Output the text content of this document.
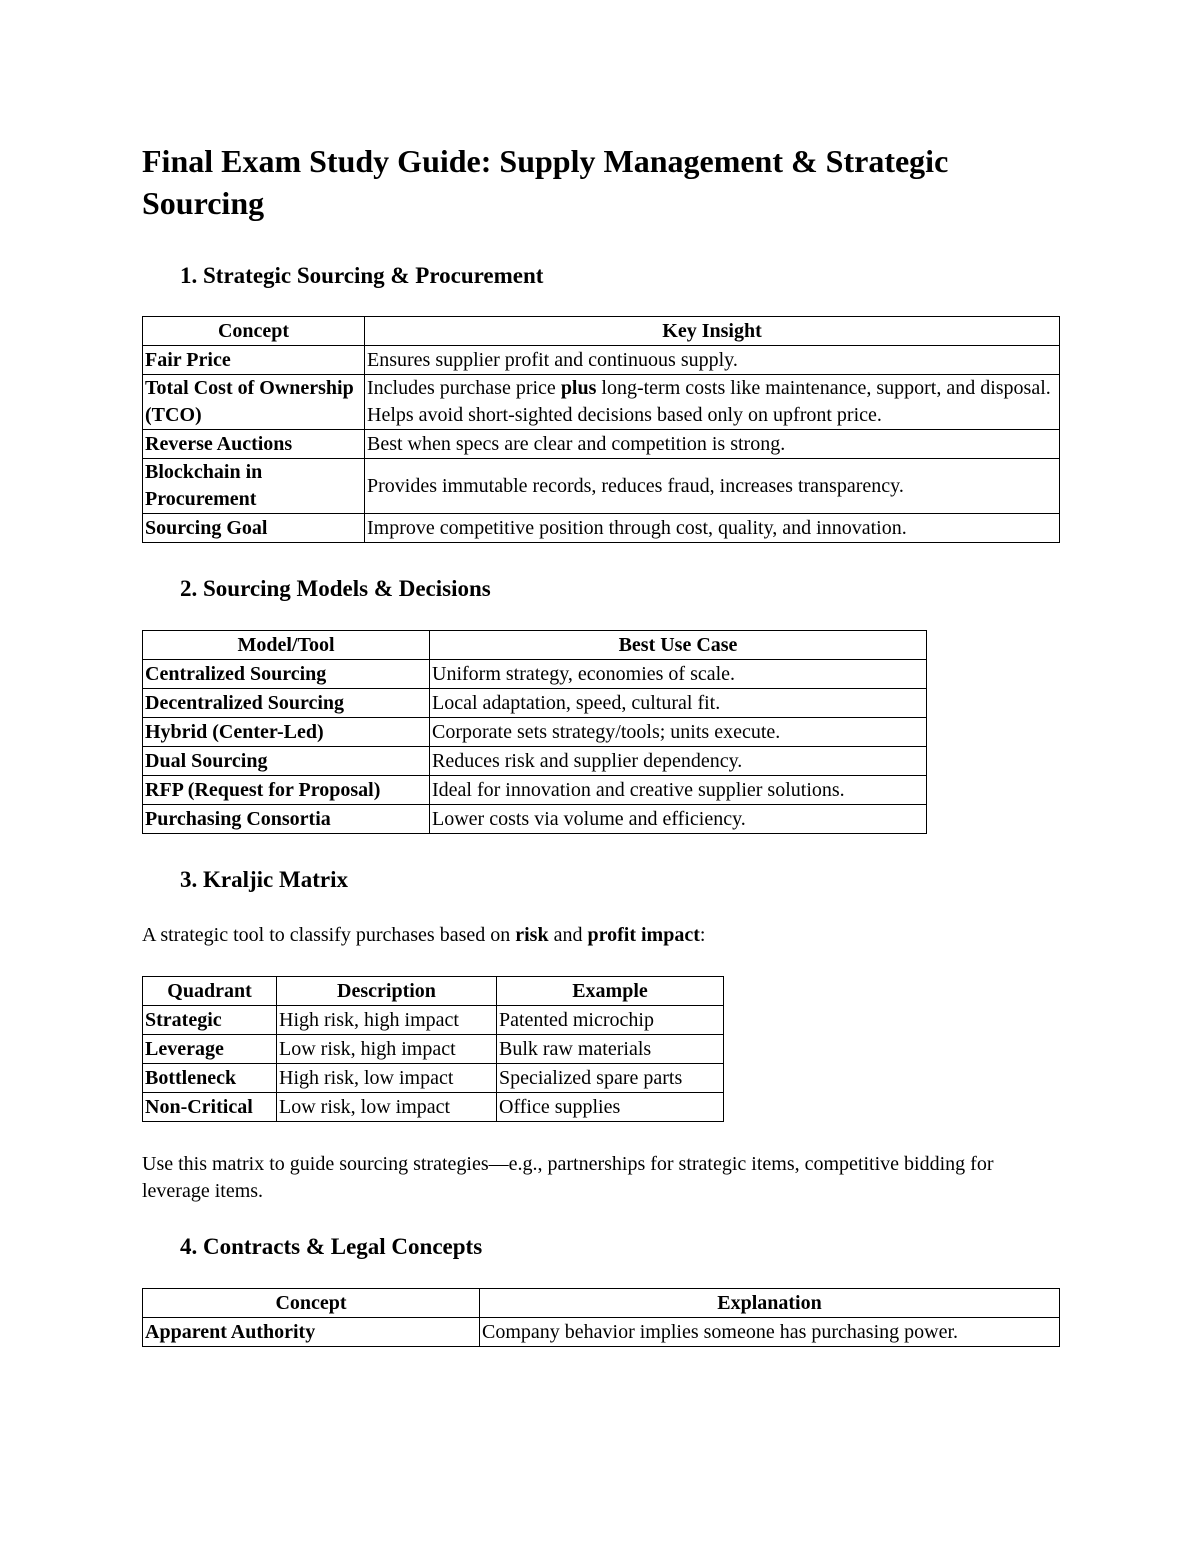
Final Exam Study Guide: Supply Management & Strategic Sourcing
1. Strategic Sourcing & Procurement
Concept	Key Insight
Fair Price	Ensures supplier profit and continuous supply.
Total Cost of Ownership (TCO)	Includes purchase price plus long-term costs like maintenance, support, and disposal. Helps avoid short-sighted decisions based only on upfront price.
Reverse Auctions	Best when specs are clear and competition is strong.
Blockchain in Procurement	Provides immutable records, reduces fraud, increases transparency.
Sourcing Goal	Improve competitive position through cost, quality, and innovation.
2. Sourcing Models & Decisions
Model/Tool	Best Use Case
Centralized Sourcing	Uniform strategy, economies of scale.
Decentralized Sourcing	Local adaptation, speed, cultural fit.
Hybrid (Center-Led)	Corporate sets strategy/tools; units execute.
Dual Sourcing	Reduces risk and supplier dependency.
RFP (Request for Proposal)	Ideal for innovation and creative supplier solutions.
Purchasing Consortia	Lower costs via volume and efficiency.
3. Kraljic Matrix

A strategic tool to classify purchases based on risk and profit impact:

Quadrant	Description	Example
Strategic	High risk, high impact	Patented microchip
Leverage	Low risk, high impact	Bulk raw materials
Bottleneck	High risk, low impact	Specialized spare parts
Non-Critical	Low risk, low impact	Office supplies

Use this matrix to guide sourcing strategies—e.g., partnerships for strategic items, competitive bidding for leverage items.

4. Contracts & Legal Concepts
Concept	Explanation
Apparent Authority	Company behavior implies someone has purchasing power.
